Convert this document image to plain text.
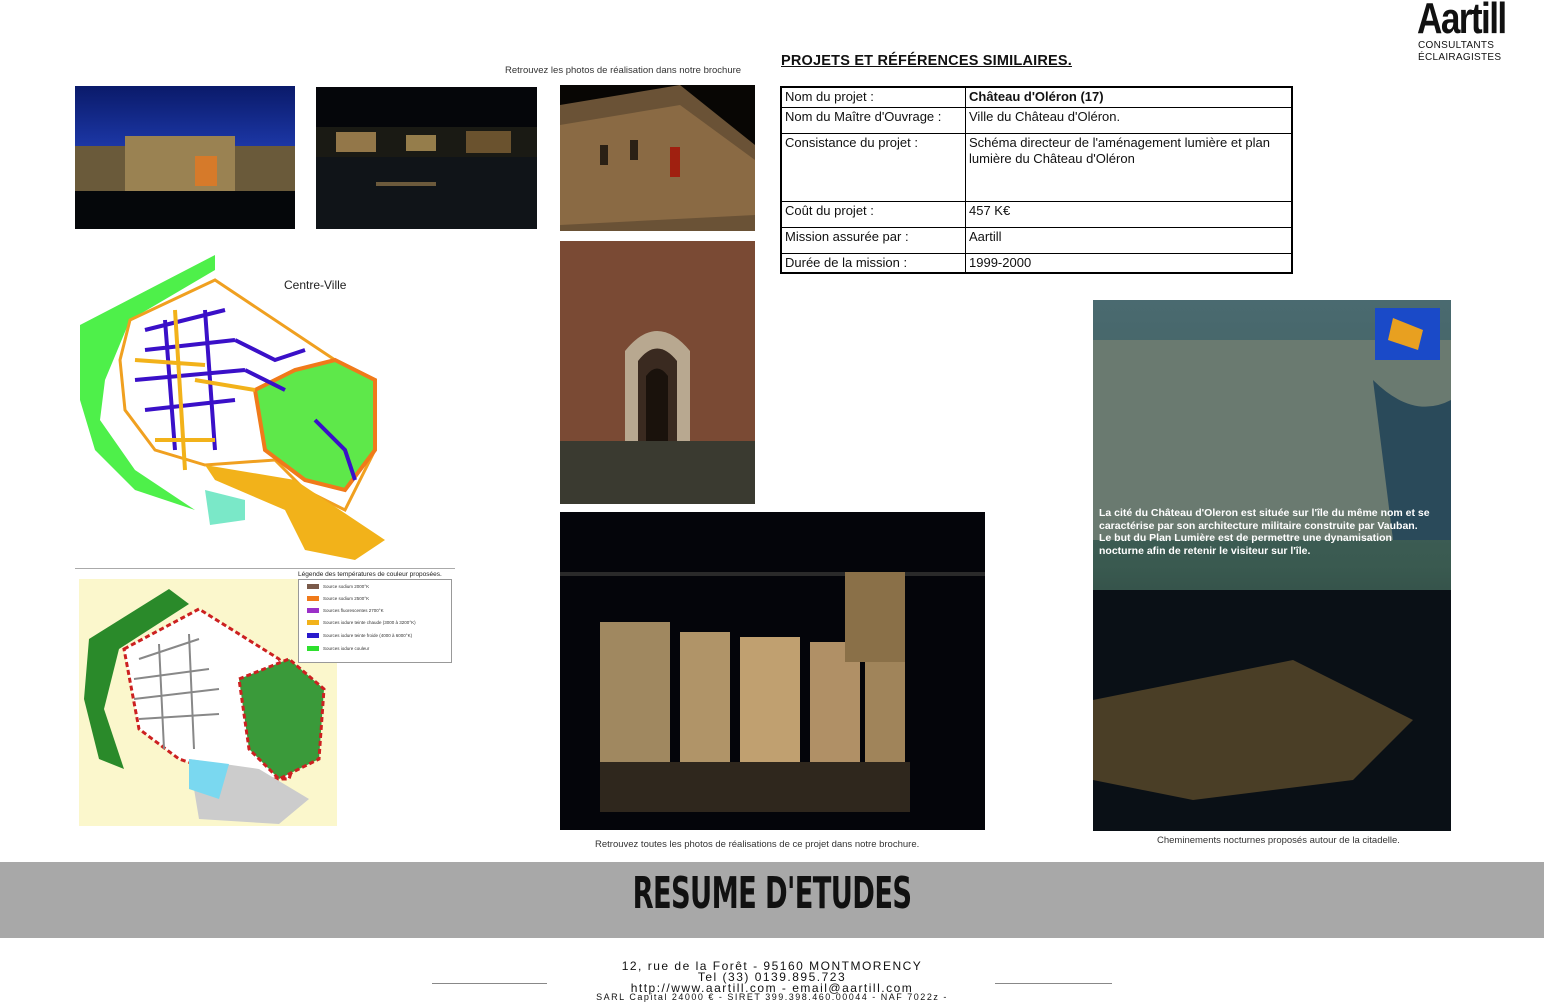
Aartill
CONSULTANTS
ÉCLAIRAGISTES
Retrouvez les photos de réalisation dans notre brochure
PROJETS ET RÉFÉRENCES SIMILAIRES.
Nom du projet :	Château d'Oléron (17)
Nom du Maître d'Ouvrage :	Ville du Château d'Oléron.
Consistance du projet :	Schéma directeur de l'aménagement lumière et plan lumière du Château d'Oléron
Coût du projet :	457 K€
Mission assurée par :	Aartill
Durée de la mission :	1999-2000
La cité du Château d'Oleron est située sur l'île du même nom et se caractérise par son architecture militaire construite par Vauban.
Le but du Plan Lumière est de permettre une dynamisation nocturne afin de retenir le visiteur sur l'île.
Centre-Ville
Légende des températures de couleur proposées.
Source sodium 2000°K
Source sodium 2500°K
Sources fluorescentes 2700°K
Sources iodure teinte chaude (3000 à 3200°K)
Sources iodure teinte froide (4000 à 6000°K)
Sources iodure couleur
Retrouvez toutes les photos de réalisations de ce projet dans notre brochure.	Cheminements nocturnes proposés autour de la citadelle.
RESUME D'ETUDES
12, rue de la Forêt - 95160 MONTMORENCY
Tel (33) 0139.895.723
http://www.aartill.com - email@aartill.com
SARL Capital 24000 € - SIRET 399.398.460.00044 - NAF 7022z -
